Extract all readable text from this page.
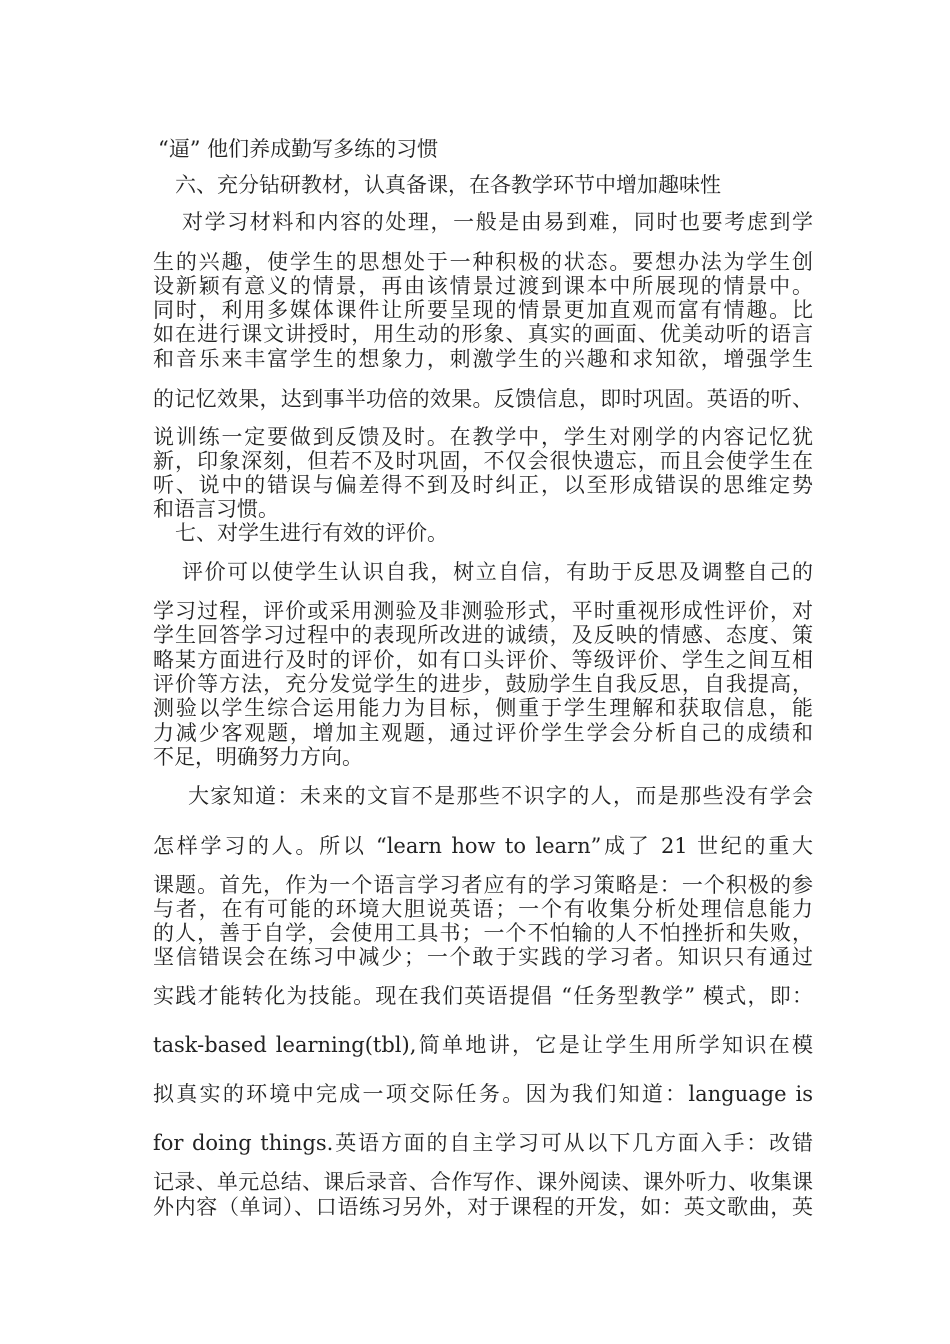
“逼” 他们养成勤写多练的习惯
六、充分钻研教材，认真备课，在各教学环节中增加趣味性
对学习材料和内容的处理，一般是由易到难，同时也要考虑到学
生的兴趣，使学生的思想处于一种积极的状态。要想办法为学生创
设新颖有意义的情景，再由该情景过渡到课本中所展现的情景中。
同时，利用多媒体课件让所要呈现的情景更加直观而富有情趣。比
如在进行课文讲授时，用生动的形象、真实的画面、优美动听的语言
和音乐来丰富学生的想象力，刺激学生的兴趣和求知欲，增强学生
的记忆效果，达到事半功倍的效果。反馈信息，即时巩固。英语的听、
说训练一定要做到反馈及时。在教学中，学生对刚学的内容记忆犹
新，印象深刻，但若不及时巩固，不仅会很快遗忘，而且会使学生在
听、说中的错误与偏差得不到及时纠正，以至形成错误的思维定势
和语言习惯。
七、对学生进行有效的评价。
评价可以使学生认识自我，树立自信，有助于反思及调整自己的
学习过程，评价或采用测验及非测验形式，平时重视形成性评价，对
学生回答学习过程中的表现所改进的诚绩，及反映的情感、态度、策
略某方面进行及时的评价，如有口头评价、等级评价、学生之间互相
评价等方法，充分发觉学生的进步，鼓励学生自我反思，自我提高，
测验以学生综合运用能力为目标，侧重于学生理解和获取信息，能
力减少客观题，增加主观题，通过评价学生学会分析自己的成绩和
不足，明确努力方向。
大家知道：未来的文盲不是那些不识字的人，而是那些没有学会
怎样学习的人。所以 “learn how to learn”成了 21 世纪的重大
课题。首先，作为一个语言学习者应有的学习策略是：一个积极的参
与者，在有可能的环境大胆说英语；一个有收集分析处理信息能力
的人，善于自学，会使用工具书；一个不怕输的人不怕挫折和失败，
坚信错误会在练习中减少；一个敢于实践的学习者。知识只有通过
实践才能转化为技能。现在我们英语提倡 “任务型教学” 模式，即：
task-based learning(tbl),简单地讲，它是让学生用所学知识在模
拟真实的环境中完成一项交际任务。因为我们知道：language is
for doing things.英语方面的自主学习可从以下几方面入手：改错
记录、单元总结、课后录音、合作写作、课外阅读、课外听力、收集课
外内容（单词）、口语练习另外，对于课程的开发，如：英文歌曲，英
